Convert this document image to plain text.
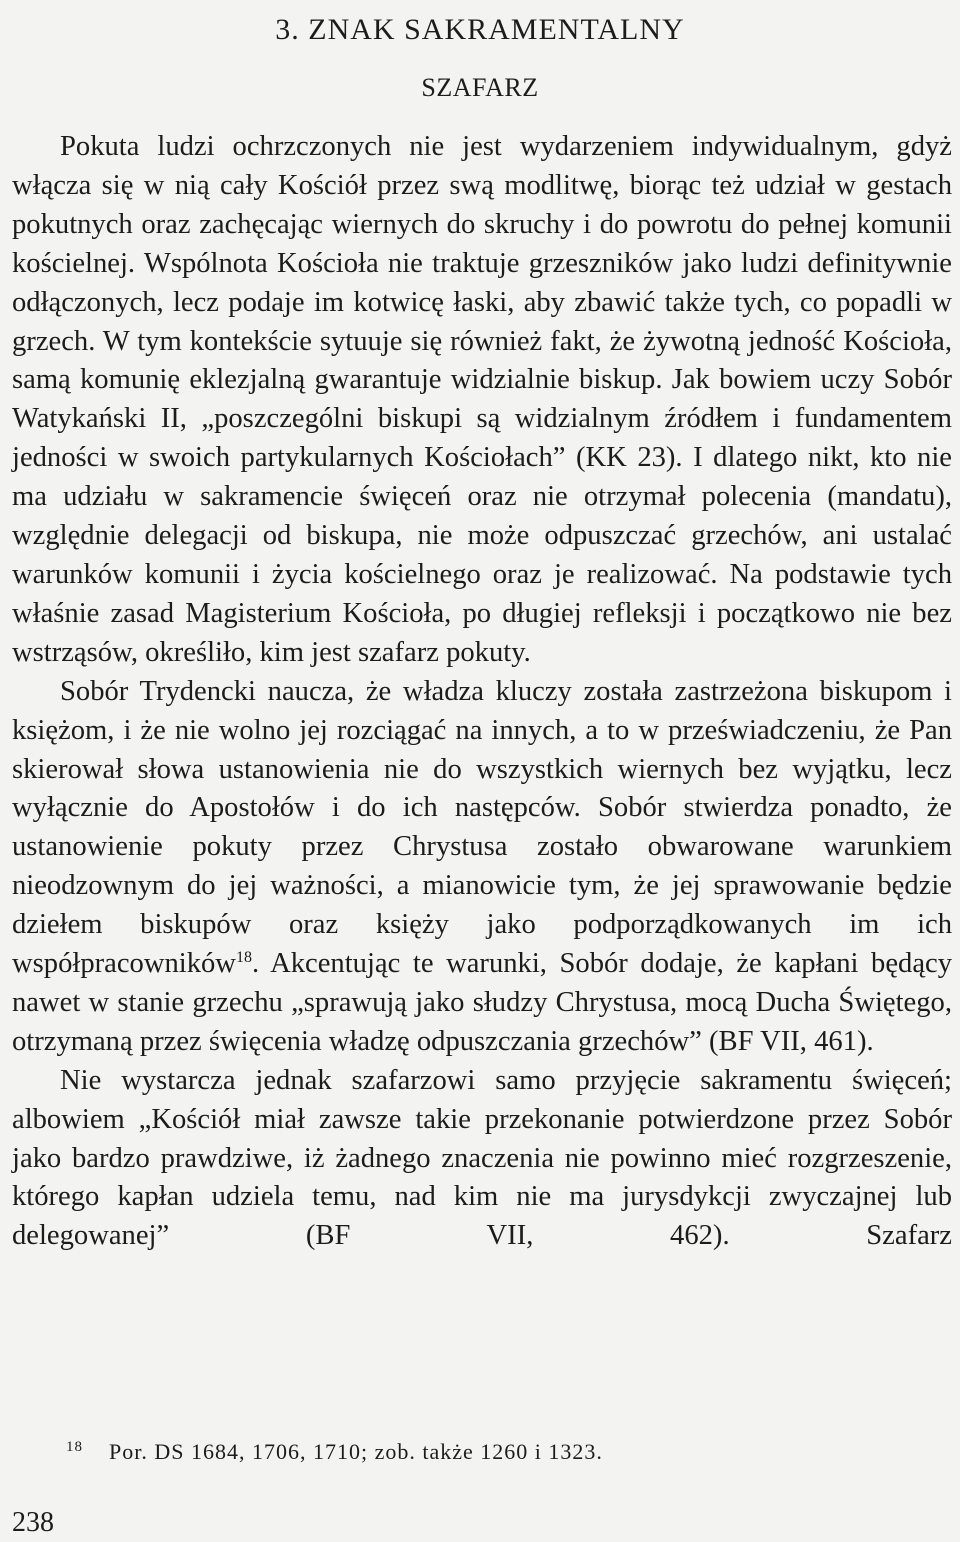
3. ZNAK SAKRAMENTALNY
SZAFARZ

Pokuta ludzi ochrzczonych nie jest wydarzeniem indywidualnym, gdyż włącza się w nią cały Kościół przez swą modlitwę, biorąc też udział w gestach pokutnych oraz zachęcając wiernych do skruchy i do powrotu do pełnej komunii kościelnej. Wspólnota Kościoła nie traktuje grzeszników jako ludzi definitywnie odłączonych, lecz podaje im kotwicę łaski, aby zbawić także tych, co popadli w grzech. W tym kontekście sytuuje się również fakt, że żywotną jedność Kościoła, samą komunię eklezjalną gwarantuje widzialnie biskup. Jak bowiem uczy Sobór Watykański II, „poszczególni biskupi są widzialnym źródłem i fundamentem jedności w swoich partykularnych Kościołach” (KK 23). I dlatego nikt, kto nie ma udziału w sakramencie święceń oraz nie otrzymał polecenia (mandatu), względnie delegacji od biskupa, nie może odpuszczać grzechów, ani ustalać warunków komunii i życia kościelnego oraz je realizować. Na podstawie tych właśnie zasad Magisterium Kościoła, po długiej refleksji i początkowo nie bez wstrząsów, określiło, kim jest szafarz pokuty.

Sobór Trydencki naucza, że władza kluczy została zastrzeżona biskupom i księżom, i że nie wolno jej rozciągać na innych, a to w przeświadczeniu, że Pan skierował słowa ustanowienia nie do wszystkich wiernych bez wyjątku, lecz wyłącznie do Apostołów i do ich następców. Sobór stwierdza ponadto, że ustanowienie pokuty przez Chrystusa zostało obwarowane warunkiem nieodzownym do jej ważności, a mianowicie tym, że jej sprawowanie będzie dziełem biskupów oraz księży jako podporządkowanych im ich współpracowników$^{18}$. Akcentując te warunki, Sobór dodaje, że kapłani będący nawet w stanie grzechu „sprawują jako słudzy Chrystusa, mocą Ducha Świętego, otrzymaną przez święcenia władzę odpuszczania grzechów” (BF VII, 461).

Nie wystarcza jednak szafarzowi samo przyjęcie sakramentu święceń; albowiem „Kościół miał zawsze takie przekonanie potwierdzone przez Sobór jako bardzo prawdziwe, iż żadnego znaczenia nie powinno mieć rozgrzeszenie, którego kapłan udziela temu, nad kim nie ma jurysdykcji zwyczajnej lub delegowanej” (BF VII, 462). Szafarz

$^{18}$ Por. DS 1684, 1706, 1710; zob. także 1260 i 1323.
238
